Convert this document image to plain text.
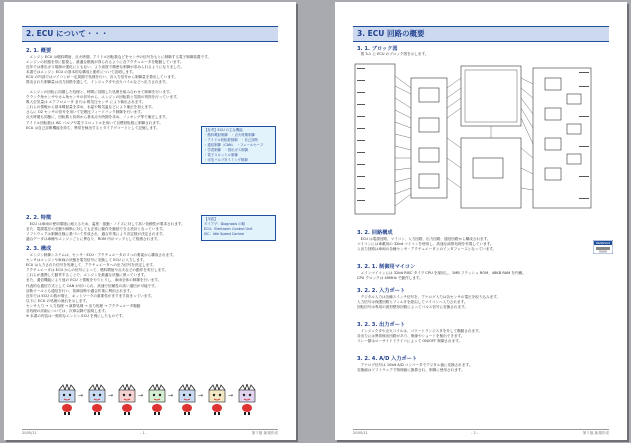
2. ECU について・・・
2. 1. 概要
　エンジン ECU は燃料噴射、点火時期、アイドル回転数などをセンサの信号をもとに制御する電子制御装置です。
エンジンの状態を常に監視し、最適な燃焼が得られるように各アクチュエータを駆動しています。
近年では排出ガス規制の強化にともない、より高度で精密な制御が求められるようになりました。
本書ではエンジン ECU の基本的な構成と動作について説明します。
ECU の内部ではマイコンが一定周期で処理を行い、各入力信号から制御量を算出しています。
算出された制御量は出力回路を通して、インジェクタや点火コイルなどへ出力されます。
　エンジンの回転に同期した処理と、時間に同期した処理を組み合わせて制御を行います。
クランク角センサやカム角センサの信号から、エンジンの回転数と気筒の判別を行っています。
吸入空気量は エアフロメータ または 吸気圧センサ により検出されます。
これらの情報から基本噴射量を求め、水温や吸気温などにより補正を加えます。
さらに O2 センサの信号を用いて空燃比フィードバック制御を行います。
点火時期も同様に、回転数と負荷から基本点火時期を求め、ノッキング等で補正します。
アイドル回転数は ISC バルブや電子スロットルを用いて目標回転数に制御されます。
ECU は自己診断機能を持ち、異常を検出するとダイアグコードとして記憶します。
【参考】ECU の主な機能
・燃料噴射制御　・点火時期制御
・アイドル回転数制御　・自己診断
・通信制御（CAN）　・フェールセーフ
・学習制御　・排出ガス制御
・電子スロットル制御
・可変バルブタイミング制御
2. 2. 特徴
　ECU は車両の使用環境に耐えるため、温度・振動・ノイズに対して高い信頼性が要求されます。
また、電源電圧の変動や瞬断に対しても正常に動作を継続できる設計となっています。
ソフトウェアは制御仕様に基づいて作成され、適合作業により各定数が決定されます。
適合データは車種やエンジンごとに異なり、ROM 内のマップとして格納されます。
【用語】
ダイアグ：Diagnosis の略
ECU：Electronic Control Unit
ISC：Idle Speed Control
2. 3. 構成
　エンジン制御システムは、センサ・ECU・アクチュエータの３つの要素から構成されます。
センサはエンジンや車両の状態を電気信号に変換して ECU に入力します。
ECU は入力された信号を処理して、アクチュエータへの出力信号を決定します。
アクチュエータは ECU からの信号によって、燃料噴射や点火などの動作を実行します。
これらが連携して動作することで、エンジンを最適な状態に保っています。
また、通信機能により他の ECU と情報をやりとりし、車両全体の制御を行います。
代表的な通信方式として CAN が用いられ、高速で信頼性の高い通信が可能です。
診断ツールとも通信を行い、故障診断や適合作業に利用されます。
近年では ECU の数が増え、ネットワークの重要性がますます高まっています。
以下に ECU の処理の流れを示します。
センサ入力 → 入力処理 → 演算処理 → 出力処理 → アクチュエータ駆動
各処理の詳細については、次章以降で説明します。
※ 本書の内容は一般的なエンジン ECU を例にしたものです。
→	→	→	→	→	→
2005/11	- 1 -	第１版 新規作成
3. ECU 回路の概要
3. 1. ブロック図
　図 3-1 に ECU のブロック図を示します。
3. 2. 回路構成
　ECU は電源回路、マイコン、入力回路、出力回路、通信回路から構成されます。
マイコンには車載用の 32bit マイコンを使用し、高速な演算処理を実現しています。
入出力回路は車両の各種センサ・アクチュエータとのインタフェースとなっています。
RENESAS
3. 2. 1. 制御用マイコン
　メインマイコンには 32bit RISC タイプ CPU を採用し、1MB フラッシュ ROM、48KB RAM を内蔵。
CPU クロックは 40MHz で動作します。
3. 2. 2. 入力ポート
　デジタル入力は各種スイッチ信号を、アナログ入力は各センサの電圧を取り込みます。
入力信号は保護回路とフィルタを経由してマイコンへ入力されます。
回転信号は専用の波形整形回路によってパルス信号に変換されます。
3. 2. 3. 出力ポート
　インジェクタや点火コイルは、パワートランジスタを介して駆動されます。
各出力には異常検出回路があり、断線やショートを検出できます。
リレー類はローサイドドライバによって ON/OFF 制御されます。
3. 2. 4. A/D 入力ポート
　アナログ信号は 10bit A/D コンバータでデジタル値に変換されます。
変換値はソフトウェアで物理値に換算され、制御に使用されます。
2005/11	- 2 -	第１版 新規作成
